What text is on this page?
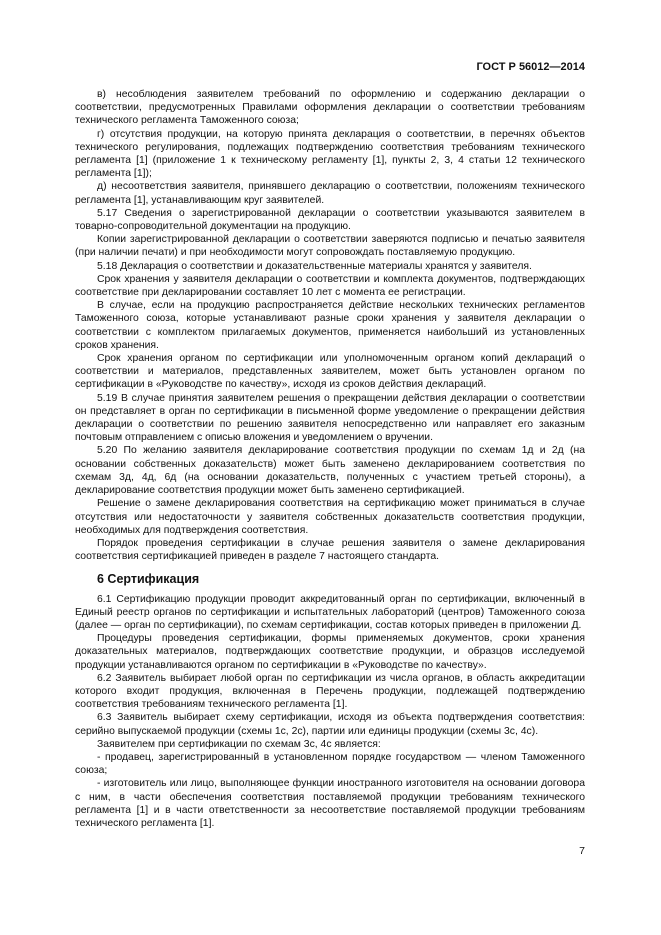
ГОСТ Р 56012—2014

в) несоблюдения заявителем требований по оформлению и содержанию декларации о соответствии, предусмотренных Правилами оформления декларации о соответствии требованиям технического регламента Таможенного союза;

г) отсутствия продукции, на которую принята декларация о соответствии, в перечнях объектов технического регулирования, подлежащих подтверждению соответствия требованиям технического регламента [1] (приложение 1 к техническому регламенту [1], пункты 2, 3, 4 статьи 12 технического регламента [1]);

д) несоответствия заявителя, принявшего декларацию о соответствии, положениям технического регламента [1], устанавливающим круг заявителей.

5.17 Сведения о зарегистрированной декларации о соответствии указываются заявителем в товарно-сопроводительной документации на продукцию.

Копии зарегистрированной декларации о соответствии заверяются подписью и печатью заявителя (при наличии печати) и при необходимости могут сопровождать поставляемую продукцию.

5.18 Декларация о соответствии и доказательственные материалы хранятся у заявителя.

Срок хранения у заявителя декларации о соответствии и комплекта документов, подтверждающих соответствие при декларировании составляет 10 лет с момента ее регистрации.

В случае, если на продукцию распространяется действие нескольких технических регламентов Таможенного союза, которые устанавливают разные сроки хранения у заявителя декларации о соответствии с комплектом прилагаемых документов, применяется наибольший из установленных сроков хранения.

Срок хранения органом по сертификации или уполномоченным органом копий деклараций о соответствии и материалов, представленных заявителем, может быть установлен органом по сертификации в «Руководстве по качеству», исходя из сроков действия деклараций.

5.19 В случае принятия заявителем решения о прекращении действия декларации о соответствии он представляет в орган по сертификации в письменной форме уведомление о прекращении действия декларации о соответствии по решению заявителя непосредственно или направляет его заказным почтовым отправлением с описью вложения и уведомлением о вручении.

5.20 По желанию заявителя декларирование соответствия продукции по схемам 1д и 2д (на основании собственных доказательств) может быть заменено декларированием соответствия по схемам 3д, 4д, 6д (на основании доказательств, полученных с участием третьей стороны), а декларирование соответствия продукции может быть заменено сертификацией.

Решение о замене декларирования соответствия на сертификацию может приниматься в случае отсутствия или недостаточности у заявителя собственных доказательств соответствия продукции, необходимых для подтверждения соответствия.

Порядок проведения сертификации в случае решения заявителя о замене декларирования соответствия сертификацией приведен в разделе 7 настоящего стандарта.

6 Сертификация

6.1 Сертификацию продукции проводит аккредитованный орган по сертификации, включенный в Единый реестр органов по сертификации и испытательных лабораторий (центров) Таможенного союза (далее — орган по сертификации), по схемам сертификации, состав которых приведен в приложении Д.

Процедуры проведения сертификации, формы применяемых документов, сроки хранения доказательных материалов, подтверждающих соответствие продукции, и образцов исследуемой продукции устанавливаются органом по сертификации в «Руководстве по качеству».

6.2 Заявитель выбирает любой орган по сертификации из числа органов, в область аккредитации которого входит продукция, включенная в Перечень продукции, подлежащей подтверждению соответствия требованиям технического регламента [1].

6.3 Заявитель выбирает схему сертификации, исходя из объекта подтверждения соответствия: серийно выпускаемой продукции (схемы 1с, 2с), партии или единицы продукции (схемы 3с, 4с).

Заявителем при сертификации по схемам 3с, 4с является:

- продавец, зарегистрированный в установленном порядке государством — членом Таможенного союза;

- изготовитель или лицо, выполняющее функции иностранного изготовителя на основании договора с ним, в части обеспечения соответствия поставляемой продукции требованиям технического регламента [1] и в части ответственности за несоответствие поставляемой продукции требованиям технического регламента [1].

7
